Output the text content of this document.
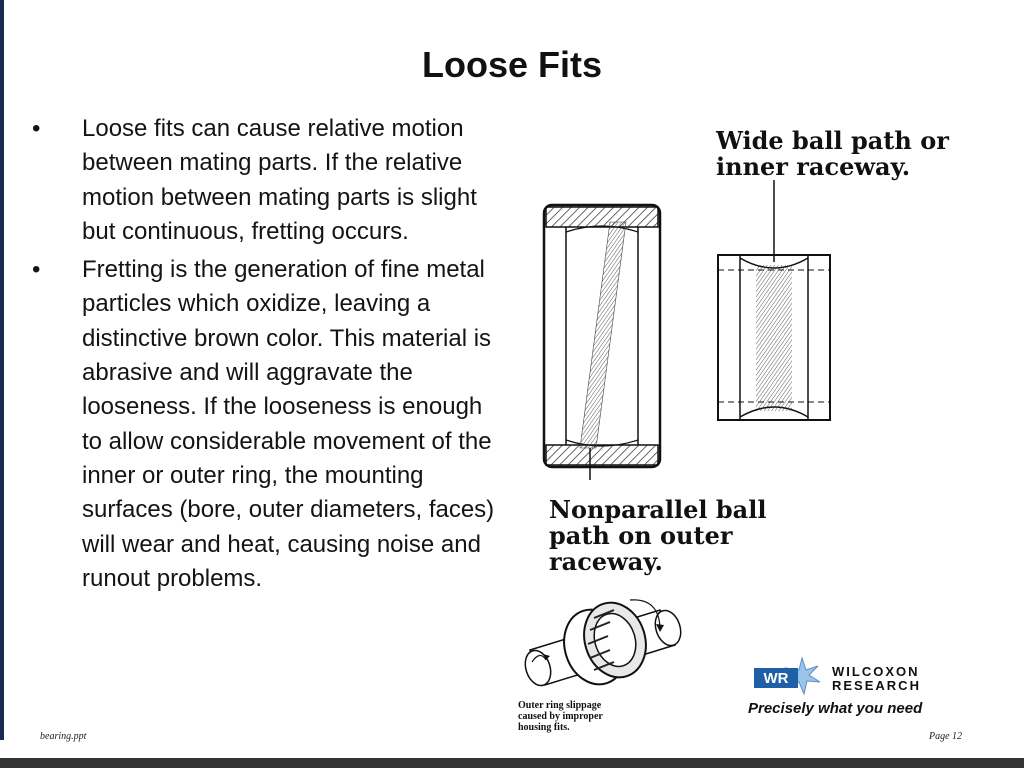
Loose Fits
• Loose fits can cause relative motion between mating parts. If the relative motion between mating parts is slight but continuous, fretting occurs.
• Fretting is the generation of fine metal particles which oxidize, leaving a distinctive brown color. This material is abrasive and will aggravate the looseness. If the looseness is enough to allow considerable movement of the inner or outer ring, the mounting surfaces (bore, outer diameters, faces) will wear and heat, causing noise and runout problems.
Wide ball path or
inner raceway.
Nonparallel ball
path on outer
raceway.
Outer ring slippage
caused by improper
housing fits.
WR	WILCOXON
RESEARCH
Precisely what you need
bearing.ppt	Page 12
